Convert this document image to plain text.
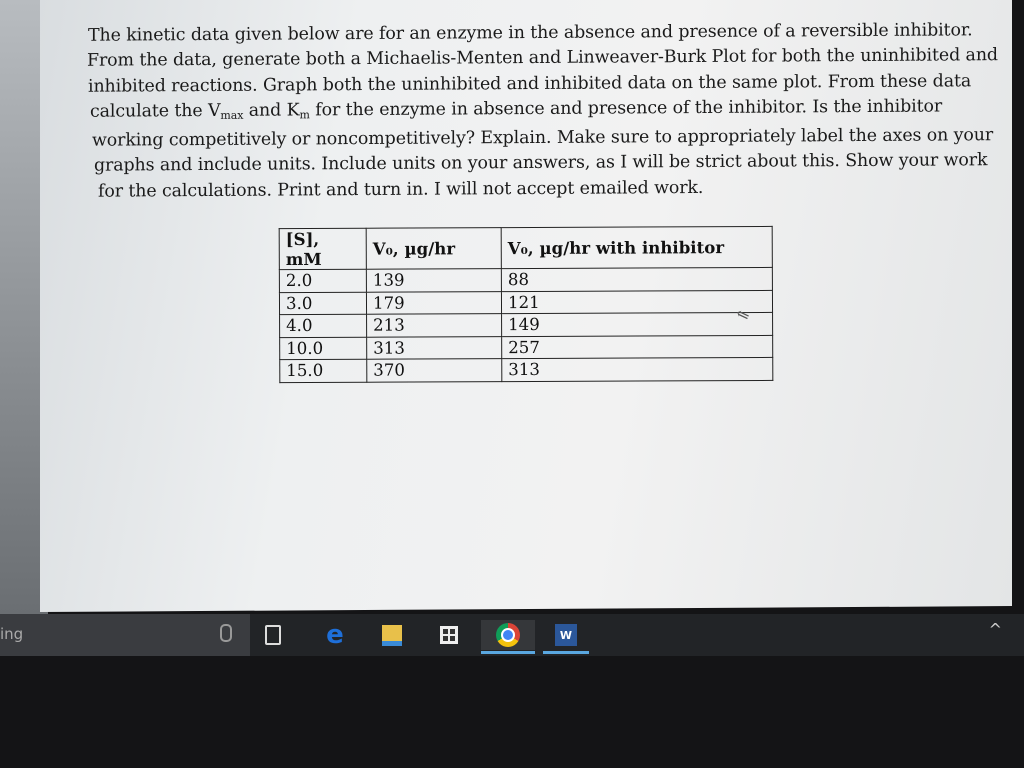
The kinetic data given below are for an enzyme in the absence and presence of a reversible inhibitor.
From the data, generate both a Michaelis-Menten and Linweaver-Burk Plot for both the uninhibited and
inhibited reactions. Graph both the uninhibited and inhibited data on the same plot. From these data
calculate the $V_{max}$ and $K_m$ for the enzyme in absence and presence of the inhibitor. Is the inhibitor
working competitively or noncompetitively? Explain. Make sure to appropriately label the axes on your
graphs and include units. Include units on your answers, as I will be strict about this. Show your work
for the calculations. Print and turn in. I will not accept emailed work.
[S], mM	V₀, µg/hr	V₀, µg/hr with inhibitor
2.0	139	88
3.0	179	121
4.0	213	149
10.0	313	257
15.0	370	313
⇖
ing	e	W	^
